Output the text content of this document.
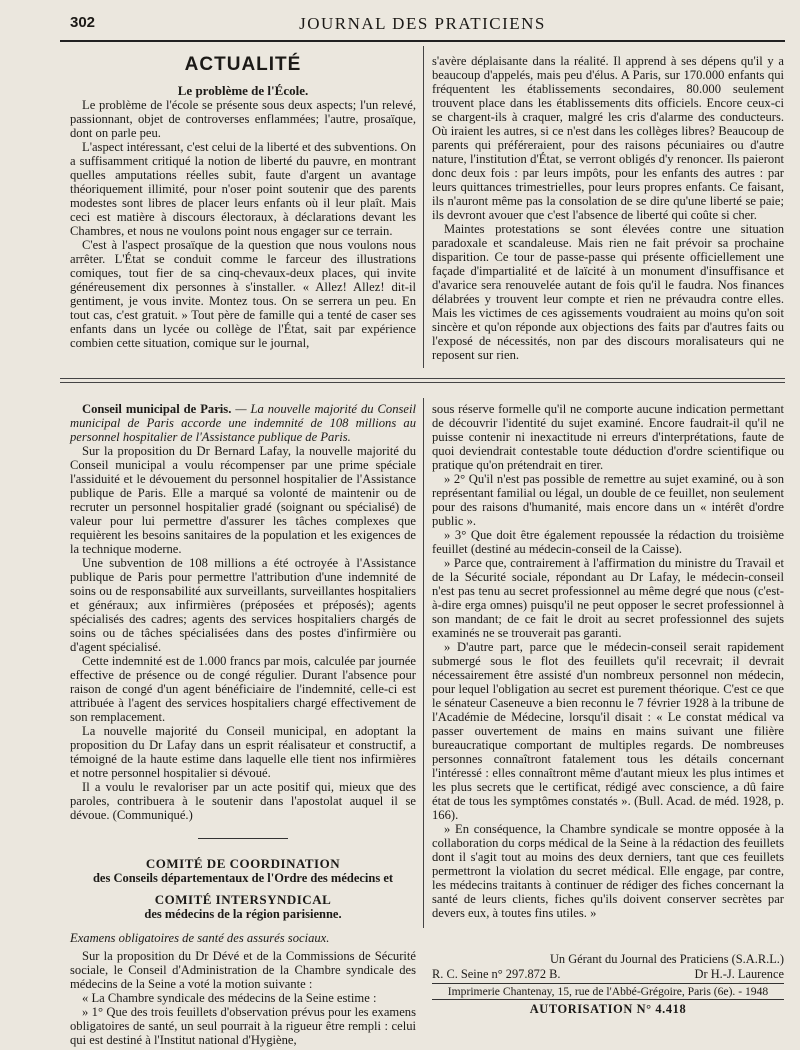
302	JOURNAL DES PRATICIENS
ACTUALITÉ

Le problème de l'École.

Le problème de l'école se présente sous deux aspects; l'un relevé, passionnant, objet de controverses enflammées; l'autre, prosaïque, dont on parle peu.

L'aspect intéressant, c'est celui de la liberté et des subventions. On a suffisamment critiqué la notion de liberté du pauvre, en montrant quelles amputations réelles subit, faute d'argent un avantage théoriquement illimité, pour n'oser point soutenir que des parents modestes sont libres de placer leurs enfants où il leur plaît. Mais ceci est matière à discours électoraux, à déclarations devant les Chambres, et nous ne voulons point nous engager sur ce terrain.

C'est à l'aspect prosaïque de la question que nous voulons nous arrêter. L'État se conduit comme le farceur des illustrations comiques, tout fier de sa cinq-chevaux-deux places, qui invite généreusement dix personnes à s'installer. « Allez! Allez! dit-il gentiment, je vous invite. Montez tous. On se serrera un peu. En tout cas, c'est gratuit. » Tout père de famille qui a tenté de caser ses enfants dans un lycée ou collège de l'État, sait par expérience combien cette situation, comique sur le journal,

s'avère déplaisante dans la réalité. Il apprend à ses dépens qu'il y a beaucoup d'appelés, mais peu d'élus. A Paris, sur 170.000 enfants qui fréquentent les établissements secondaires, 80.000 seulement trouvent place dans les établissements dits officiels. Encore ceux-ci se chargent-ils à craquer, malgré les cris d'alarme des conducteurs. Où iraient les autres, si ce n'est dans les collèges libres? Beaucoup de parents qui préféreraient, pour des raisons pécuniaires ou d'autre nature, l'institution d'État, se verront obligés d'y renoncer. Ils paieront donc deux fois : par leurs impôts, pour les enfants des autres : par leurs quittances trimestrielles, pour leurs propres enfants. Ce faisant, ils n'auront même pas la consolation de se dire qu'une liberté se paie; ils devront avouer que c'est l'absence de liberté qui coûte si cher.

Maintes protestations se sont élevées contre une situation paradoxale et scandaleuse. Mais rien ne fait prévoir sa prochaine disparition. Ce tour de passe-passe qui présente officiellement une façade d'impartialité et de laïcité à un monument d'insuffisance et d'avarice sera renouvelée autant de fois qu'il le faudra. Nos finances délabrées y trouvent leur compte et rien ne prévaudra contre elles. Mais les victimes de ces agissements voudraient au moins qu'on soit sincère et qu'on réponde aux objections des faits par d'autres faits ou l'exposé de nécessités, non par des discours moralisateurs qui ne reposent sur rien.

Conseil municipal de Paris. — La nouvelle majorité du Conseil municipal de Paris accorde une indemnité de 108 millions au personnel hospitalier de l'Assistance publique de Paris.

Sur la proposition du Dr Bernard Lafay, la nouvelle majorité du Conseil municipal a voulu récompenser par une prime spéciale l'assiduité et le dévouement du personnel hospitalier de l'Assistance publique de Paris. Elle a marqué sa volonté de maintenir ou de recruter un personnel hospitalier gradé (soignant ou spécialisé) de valeur pour lui permettre d'assurer les tâches complexes que requièrent les besoins sanitaires de la population et les exigences de la technique moderne.

Une subvention de 108 millions a été octroyée à l'Assistance publique de Paris pour permettre l'attribution d'une indemnité de soins ou de responsabilité aux surveillants, surveillantes hospitaliers et généraux; aux infirmières (préposées et préposés); agents spécialisés des cadres; agents des services hospitaliers chargés de soins ou de tâches spécialisées dans des postes d'infirmière ou d'agent spécialisé.

Cette indemnité est de 1.000 francs par mois, calculée par journée effective de présence ou de congé régulier. Durant l'absence pour raison de congé d'un agent bénéficiaire de l'indemnité, celle-ci est attribuée à l'agent des services hospitaliers chargé effectivement de son remplacement.

La nouvelle majorité du Conseil municipal, en adoptant la proposition du Dr Lafay dans un esprit réalisateur et constructif, a témoigné de la haute estime dans laquelle elle tient nos infirmières et notre personnel hospitalier si dévoué.

Il a voulu le revaloriser par un acte positif qui, mieux que des paroles, contribuera à le soutenir dans l'apostolat auquel il se dévoue. (Communiqué.)

COMITÉ DE COORDINATION
des Conseils départementaux de l'Ordre des médecins et

COMITÉ INTERSYNDICAL
des médecins de la région parisienne.

Examens obligatoires de santé des assurés sociaux.

Sur la proposition du Dr Dévé et de la Commissions de Sécurité sociale, le Conseil d'Administration de la Chambre syndicale des médecins de la Seine a voté la motion suivante :

« La Chambre syndicale des médecins de la Seine estime :

» 1° Que des trois feuillets d'observation prévus pour les examens obligatoires de santé, un seul pourrait à la rigueur être rempli : celui qui est destiné à l'Institut national d'Hygiène,

sous réserve formelle qu'il ne comporte aucune indication permettant de découvrir l'identité du sujet examiné. Encore faudrait-il qu'il ne puisse contenir ni inexactitude ni erreurs d'interprétations, faute de quoi deviendrait contestable toute déduction d'ordre scientifique ou pratique qu'on prétendrait en tirer.

» 2° Qu'il n'est pas possible de remettre au sujet examiné, ou à son représentant familial ou légal, un double de ce feuillet, non seulement pour des raisons d'humanité, mais encore dans un « intérêt d'ordre public ».

» 3° Que doit être également repoussée la rédaction du troisième feuillet (destiné au médecin-conseil de la Caisse).

» Parce que, contrairement à l'affirmation du ministre du Travail et de la Sécurité sociale, répondant au Dr Lafay, le médecin-conseil n'est pas tenu au secret professionnel au même degré que nous (c'est-à-dire erga omnes) puisqu'il ne peut opposer le secret professionnel à son mandant; de ce fait le droit au secret professionnel des sujets examinés ne se trouverait pas garanti.

» D'autre part, parce que le médecin-conseil serait rapidement submergé sous le flot des feuillets qu'il recevrait; il devrait nécessairement être assisté d'un nombreux personnel non médecin, pour lequel l'obligation au secret est purement théorique. C'est ce que le sénateur Caseneuve a bien reconnu le 7 février 1928 à la tribune de l'Académie de Médecine, lorsqu'il disait : « Le constat médical va passer ouvertement de mains en mains suivant une filière bureaucratique comportant de multiples regards. De nombreuses personnes connaîtront fatalement tous les détails concernant l'intéressé : elles connaîtront même d'autant mieux les plus intimes et les plus secrets que le certificat, rédigé avec conscience, a dû faire état de tous les symptômes constatés ». (Bull. Acad. de méd. 1928, p. 166).

» En conséquence, la Chambre syndicale se montre opposée à la collaboration du corps médical de la Seine à la rédaction des feuillets dont il s'agit tout au moins des deux derniers, tant que ces feuillets permettront la violation du secret médical. Elle engage, par contre, les médecins traitants à continuer de rédiger des fiches concernant la santé de leurs clients, fiches qu'ils doivent conserver secrètes par devers eux, à toutes fins utiles. »

Un Gérant du Journal des Praticiens (S.A.R.L.)
R. C. Seine n° 297.872 B.	Dr H.-J. Laurence
Imprimerie Chantenay, 15, rue de l'Abbé-Grégoire, Paris (6e). - 1948
AUTORISATION N° 4.418
